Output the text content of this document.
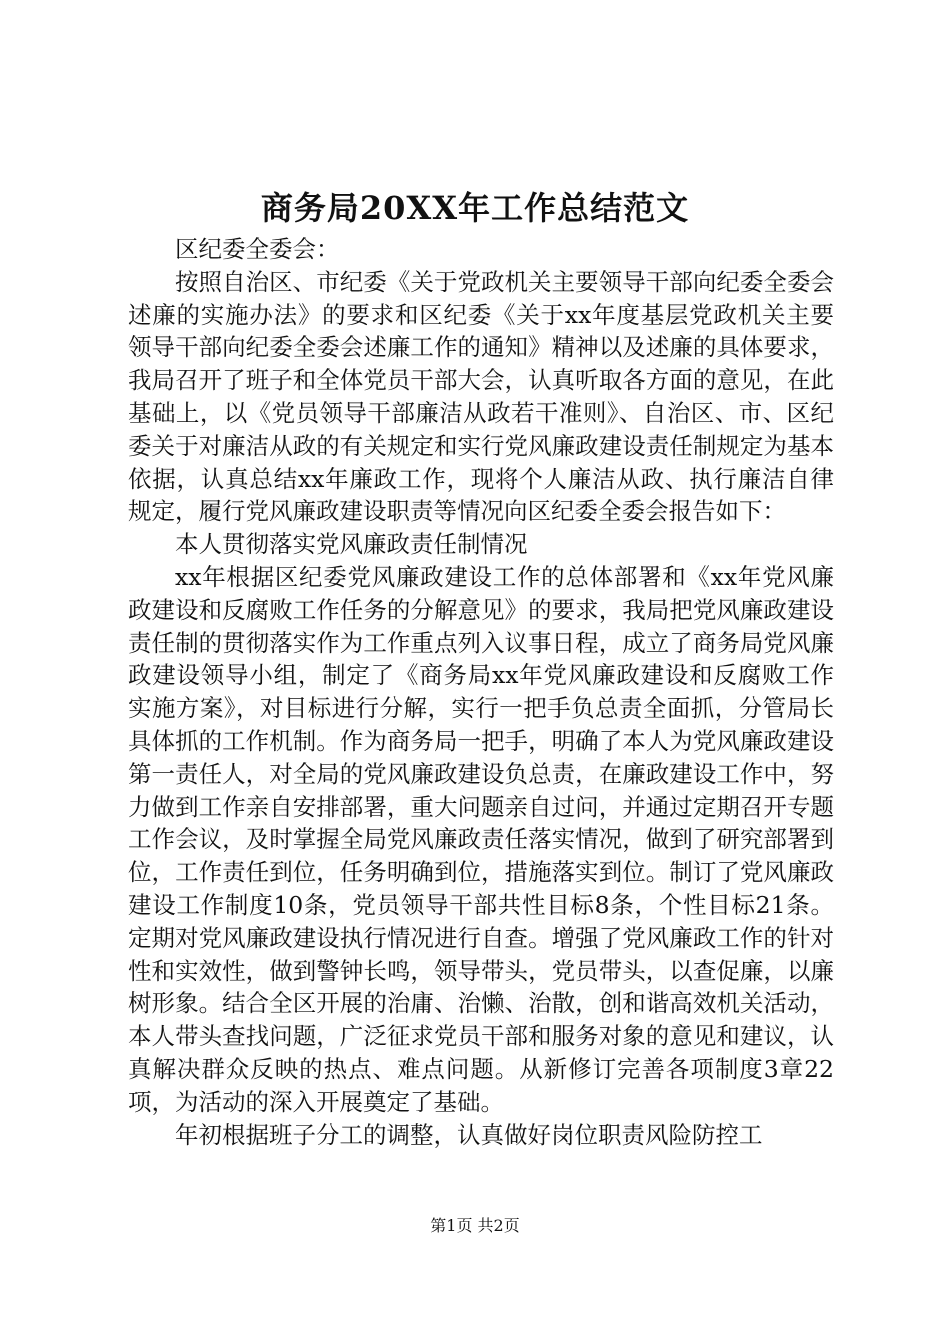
商务局20XX年工作总结范文

区纪委全委会：

按照自治区、市纪委《关于党政机关主要领导干部向纪委全委会述廉的实施办法》的要求和区纪委《关于xx年度基层党政机关主要领导干部向纪委全委会述廉工作的通知》精神以及述廉的具体要求，我局召开了班子和全体党员干部大会，认真听取各方面的意见，在此基础上，以《党员领导干部廉洁从政若干准则》、自治区、市、区纪委关于对廉洁从政的有关规定和实行党风廉政建设责任制规定为基本依据，认真总结xx年廉政工作，现将个人廉洁从政、执行廉洁自律规定，履行党风廉政建设职责等情况向区纪委全委会报告如下：

本人贯彻落实党风廉政责任制情况

xx年根据区纪委党风廉政建设工作的总体部署和《xx年党风廉政建设和反腐败工作任务的分解意见》的要求，我局把党风廉政建设责任制的贯彻落实作为工作重点列入议事日程，成立了商务局党风廉政建设领导小组，制定了《商务局xx年党风廉政建设和反腐败工作实施方案》，对目标进行分解，实行一把手负总责全面抓，分管局长具体抓的工作机制。作为商务局一把手，明确了本人为党风廉政建设第一责任人，对全局的党风廉政建设负总责，在廉政建设工作中，努力做到工作亲自安排部署，重大问题亲自过问，并通过定期召开专题工作会议，及时掌握全局党风廉政责任落实情况，做到了研究部署到位，工作责任到位，任务明确到位，措施落实到位。制订了党风廉政建设工作制度10条，党员领导干部共性目标8条，个性目标21条。定期对党风廉政建设执行情况进行自查。增强了党风廉政工作的针对性和实效性，做到警钟长鸣，领导带头，党员带头，以查促廉，以廉树形象。结合全区开展的治庸、治懒、治散，创和谐高效机关活动，本人带头查找问题，广泛征求党员干部和服务对象的意见和建议，认真解决群众反映的热点、难点问题。从新修订完善各项制度3章22项，为活动的深入开展奠定了基础。

年初根据班子分工的调整，认真做好岗位职责风险防控工

第1页 共2页
